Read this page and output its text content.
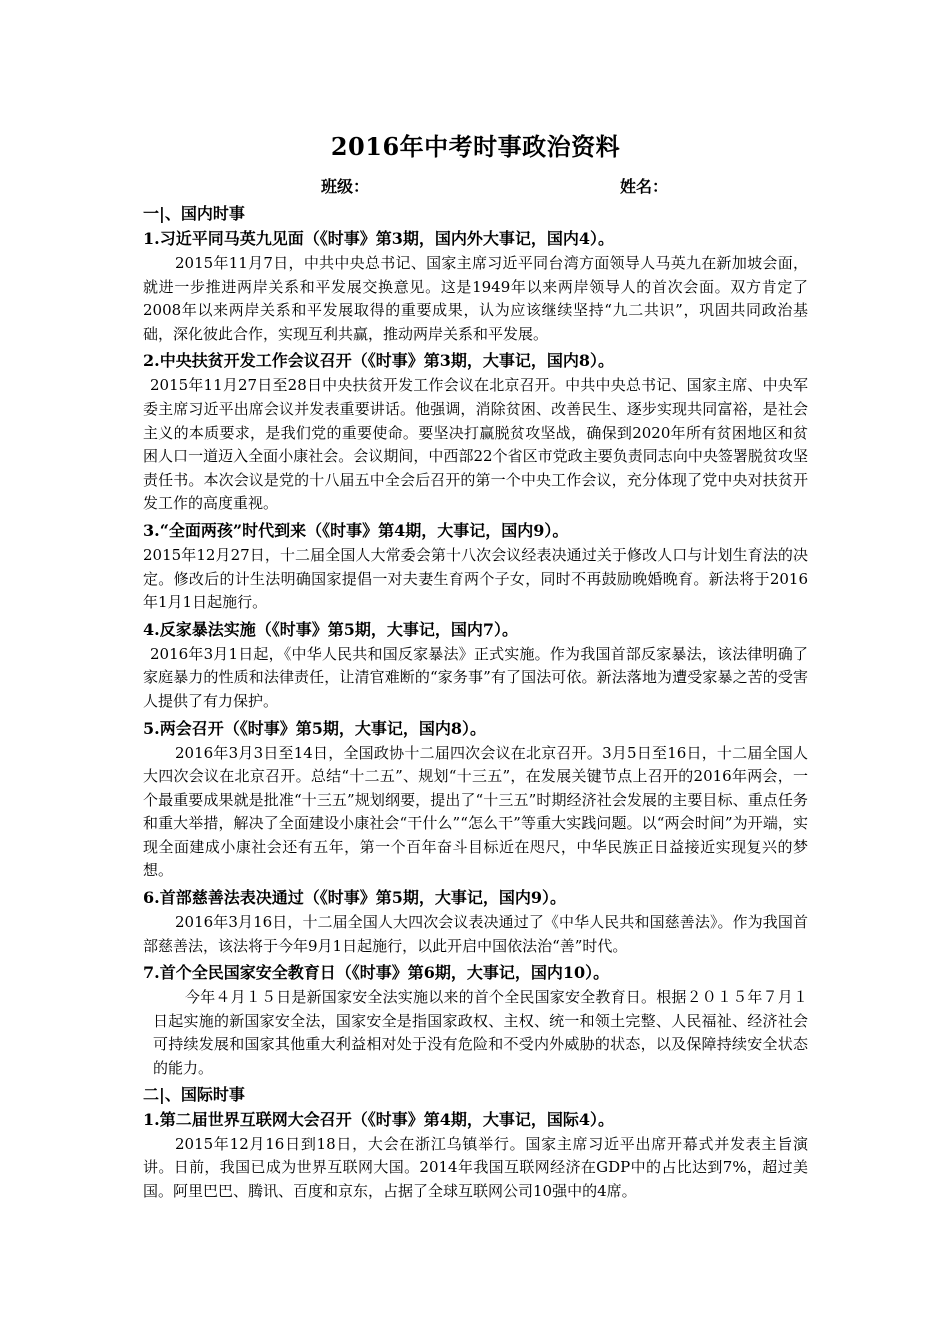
2016年中考时事政治资料
班级：	姓名：
一|、国内时事
1.习近平同马英九见面（《时事》第3期，国内外大事记，国内4）。
2015年11月7日，中共中央总书记、国家主席习近平同台湾方面领导人马英九在新加坡会面，就进一步推进两岸关系和平发展交换意见。这是1949年以来两岸领导人的首次会面。双方肯定了2008年以来两岸关系和平发展取得的重要成果，认为应该继续坚持“九二共识”，巩固共同政治基础，深化彼此合作，实现互利共赢，推动两岸关系和平发展。
2.中央扶贫开发工作会议召开（《时事》第3期，大事记，国内8）。
2015年11月27日至28日中央扶贫开发工作会议在北京召开。中共中央总书记、国家主席、中央军委主席习近平出席会议并发表重要讲话。他强调，消除贫困、改善民生、逐步实现共同富裕，是社会主义的本质要求，是我们党的重要使命。要坚决打赢脱贫攻坚战，确保到2020年所有贫困地区和贫困人口一道迈入全面小康社会。会议期间，中西部22个省区市党政主要负责同志向中央签署脱贫攻坚责任书。本次会议是党的十八届五中全会后召开的第一个中央工作会议，充分体现了党中央对扶贫开发工作的高度重视。
3.“全面两孩”时代到来（《时事》第4期，大事记，国内9）。
2015年12月27日，十二届全国人大常委会第十八次会议经表决通过关于修改人口与计划生育法的决定。修改后的计生法明确国家提倡一对夫妻生育两个子女，同时不再鼓励晚婚晚育。新法将于2016年1月1日起施行。
4.反家暴法实施（《时事》第5期，大事记，国内7）。
2016年3月1日起，《中华人民共和国反家暴法》正式实施。作为我国首部反家暴法，该法律明确了家庭暴力的性质和法律责任，让清官难断的“家务事”有了国法可依。新法落地为遭受家暴之苦的受害人提供了有力保护。
5.两会召开（《时事》第5期，大事记，国内8）。
2016年3月3日至14日，全国政协十二届四次会议在北京召开。3月5日至16日，十二届全国人大四次会议在北京召开。总结“十二五”、规划“十三五”，在发展关键节点上召开的2016年两会，一个最重要成果就是批准“十三五”规划纲要，提出了“十三五”时期经济社会发展的主要目标、重点任务和重大举措，解决了全面建设小康社会“干什么”“怎么干”等重大实践问题。以“两会时间”为开端，实现全面建成小康社会还有五年，第一个百年奋斗目标近在咫尺，中华民族正日益接近实现复兴的梦想。
6.首部慈善法表决通过（《时事》第5期，大事记，国内9）。
2016年3月16日，十二届全国人大四次会议表决通过了《中华人民共和国慈善法》。作为我国首部慈善法，该法将于今年9月1日起施行，以此开启中国依法治“善”时代。
7.首个全民国家安全教育日（《时事》第6期，大事记，国内10）。
今年４月１５日是新国家安全法实施以来的首个全民国家安全教育日。根据２０１５年７月１日起实施的新国家安全法，国家安全是指国家政权、主权、统一和领土完整、人民福祉、经济社会可持续发展和国家其他重大利益相对处于没有危险和不受内外威胁的状态，以及保障持续安全状态的能力。
二|、国际时事
1.第二届世界互联网大会召开（《时事》第4期，大事记，国际4）。
2015年12月16日到18日，大会在浙江乌镇举行。国家主席习近平出席开幕式并发表主旨演讲。日前，我国已成为世界互联网大国。2014年我国互联网经济在GDP中的占比达到7%，超过美国。阿里巴巴、腾讯、百度和京东，占据了全球互联网公司10强中的4席。
